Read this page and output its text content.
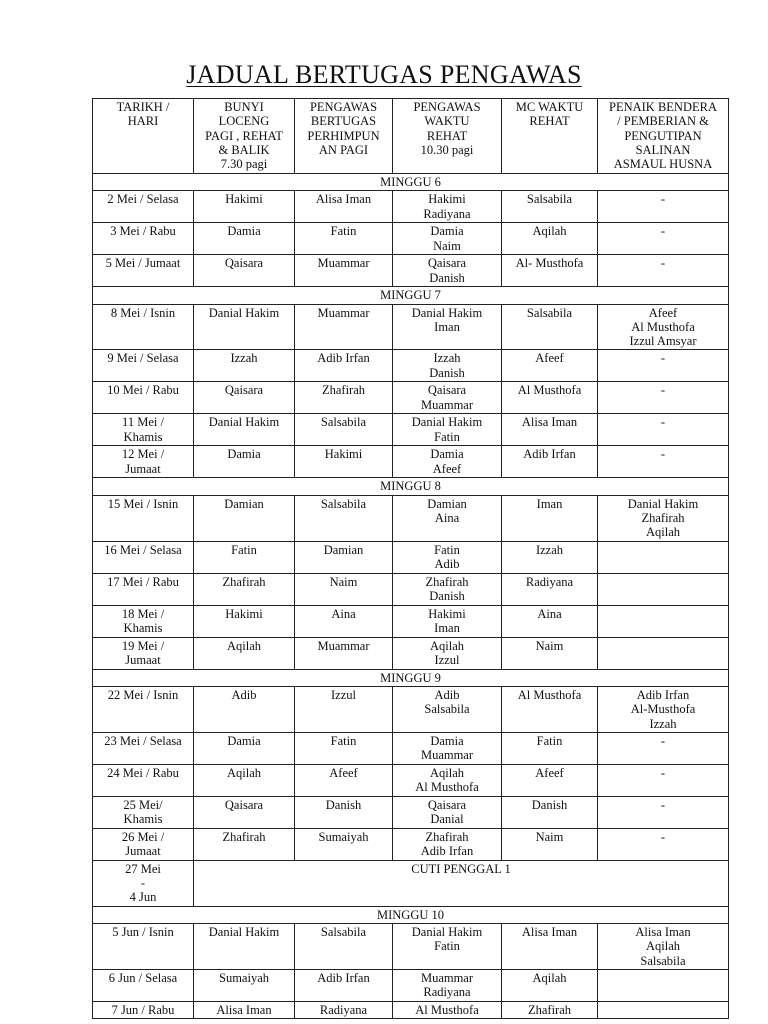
JADUAL BERTUGAS PENGAWAS
TARIKH /
HARI	BUNYI
LOCENG
PAGI , REHAT
& BALIK
7.30 pagi	PENGAWAS
BERTUGAS
PERHIMPUN
AN PAGI	PENGAWAS
WAKTU
REHAT
10.30 pagi	MC WAKTU
REHAT	PENAIK BENDERA
/ PEMBERIAN &
PENGUTIPAN
SALINAN
ASMAUL HUSNA

MINGGU 6					

2 Mei / Selasa	Hakimi	Alisa Iman	Hakimi
Radiyana	Salsabila	-

3 Mei / Rabu	Damia	Fatin	Damia
Naim	Aqilah	-

5 Mei / Jumaat	Qaisara	Muammar	Qaisara
Danish	Al- Musthofa	-

MINGGU 7					

8 Mei / Isnin	Danial Hakim	Muammar	Danial Hakim
Iman	Salsabila	Afeef
Al Musthofa
Izzul Amsyar

9 Mei / Selasa	Izzah	Adib Irfan	Izzah
Danish	Afeef	-

10 Mei / Rabu	Qaisara	Zhafirah	Qaisara
Muammar	Al Musthofa	-

11 Mei /
Khamis	Danial Hakim	Salsabila	Danial Hakim
Fatin	Alisa Iman	-

12 Mei /
Jumaat	Damia	Hakimi	Damia
Afeef	Adib Irfan	-

MINGGU 8					

15 Mei / Isnin	Damian	Salsabila	Damian
Aina	Iman	Danial Hakim
Zhafirah
Aqilah

16 Mei / Selasa	Fatin	Damian	Fatin
Adib	Izzah	

17 Mei / Rabu	Zhafirah	Naim	Zhafirah
Danish	Radiyana	

18 Mei /
Khamis	Hakimi	Aina	Hakimi
Iman	Aina	

19 Mei /
Jumaat	Aqilah	Muammar	Aqilah
Izzul	Naim	

MINGGU 9					

22 Mei / Isnin	Adib	Izzul	Adib
Salsabila	Al Musthofa	Adib Irfan
Al-Musthofa
Izzah

23 Mei / Selasa	Damia	Fatin	Damia
Muammar	Fatin	-

24 Mei / Rabu	Aqilah	Afeef	Aqilah
Al Musthofa	Afeef	-

25 Mei/
Khamis	Qaisara	Danish	Qaisara
Danial	Danish	-

26 Mei /
Jumaat	Zhafirah	Sumaiyah	Zhafirah
Adib Irfan	Naim	-

27 Mei
-
4 Jun	CUTI PENGGAL 1				
MINGGU 10					

5 Jun / Isnin	Danial Hakim	Salsabila	Danial Hakim
Fatin	Alisa Iman	Alisa Iman
Aqilah
Salsabila

6 Jun / Selasa	Sumaiyah	Adib Irfan	Muammar
Radiyana	Aqilah	

7 Jun / Rabu	Alisa Iman	Radiyana	Al Musthofa	Zhafirah	
